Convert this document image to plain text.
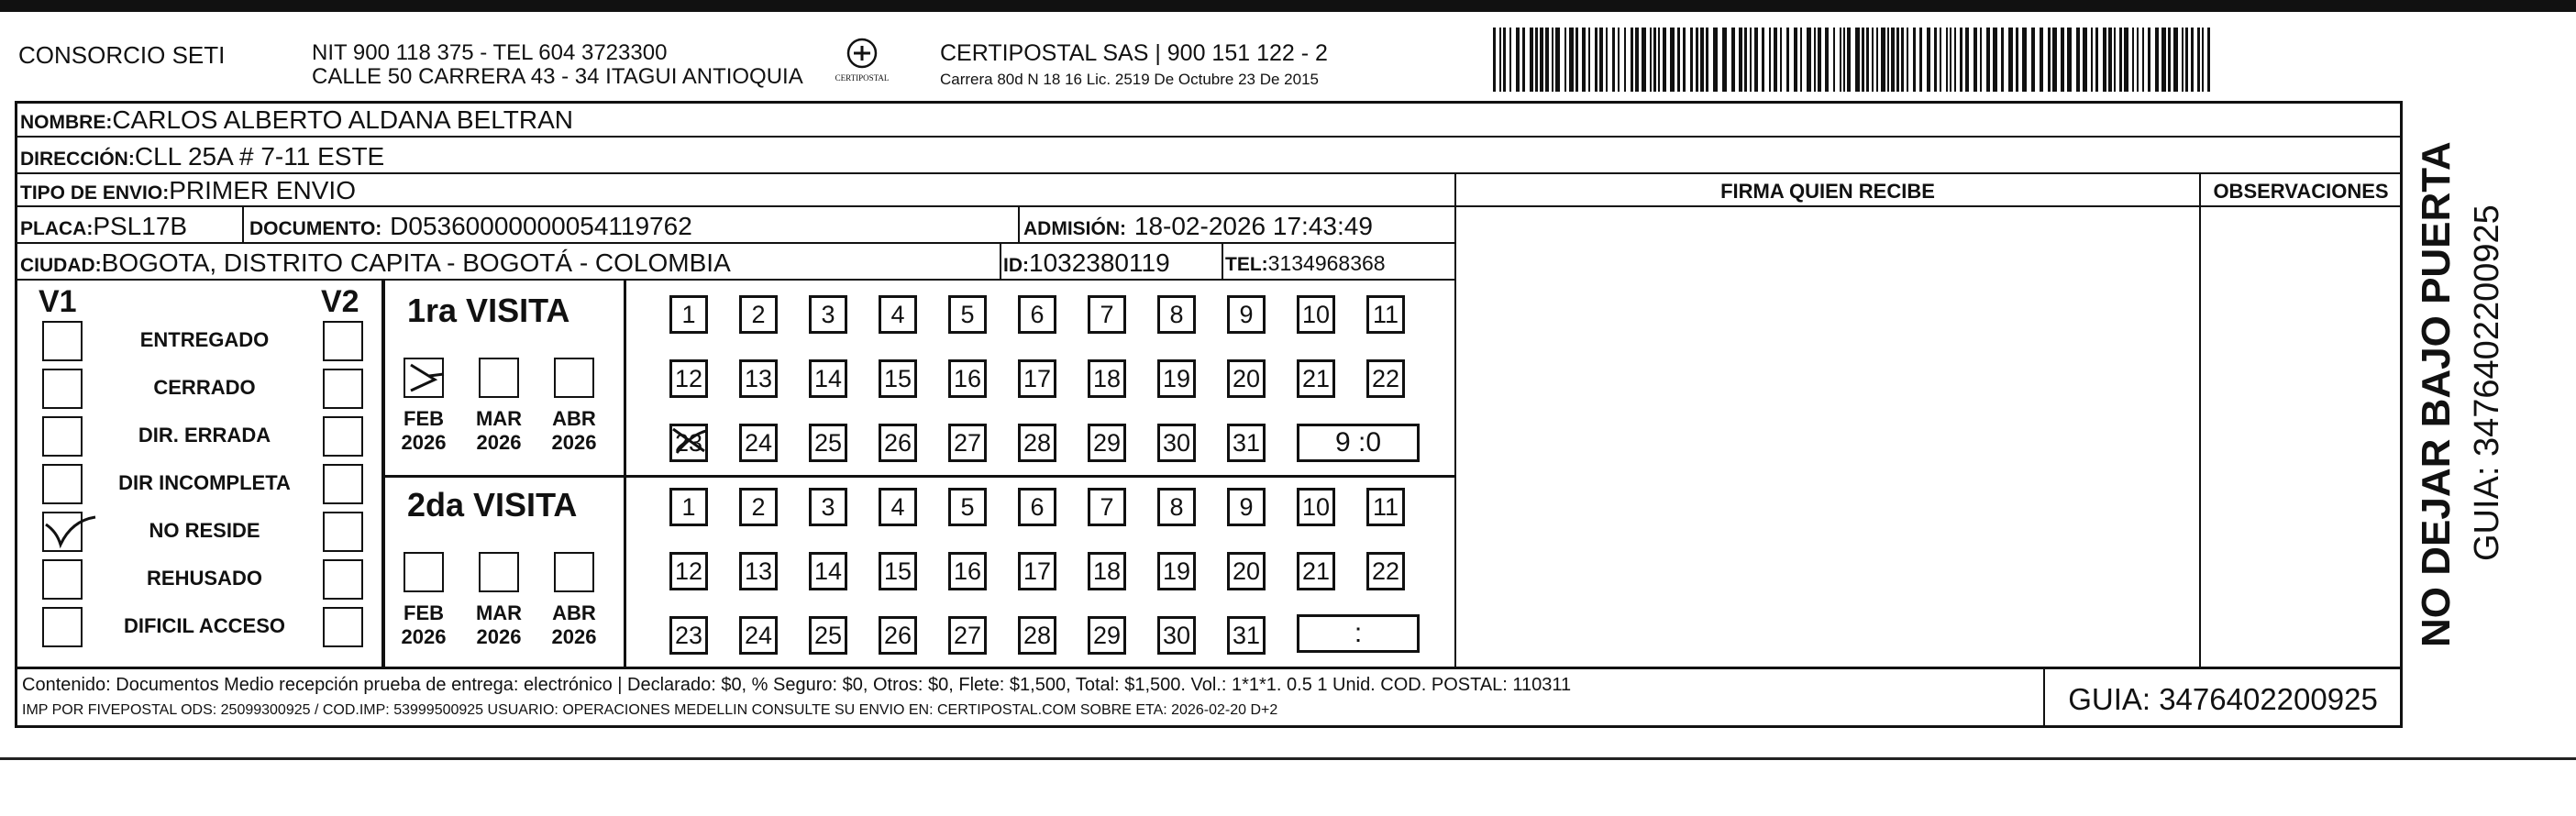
CONSORCIO SETI	NIT 900 118 375 - TEL 604 3723300
CALLE 50 CARRERA 43 - 34 ITAGUI ANTIOQUIA	CERTIPOSTAL
CERTIPOSTAL SAS | 900 151 122 - 2
Carrera 80d N 18 16 Lic. 2519 De Octubre 23 De 2015
NOMBRE:CARLOS ALBERTO ALDANA BELTRAN
DIRECCIÓN:CLL 25A # 7-11 ESTE
TIPO DE ENVIO:PRIMER ENVIO	FIRMA QUIEN RECIBE	OBSERVACIONES
PLACA:PSL17B	DOCUMENTO: D05360000000054119762	ADMISIÓN: 18-02-2026 17:43:49
CIUDAD:BOGOTA, DISTRITO CAPITA - BOGOTÁ - COLOMBIA	ID:1032380119	TEL:3134968368
V1	V2
ENTREGADO
CERRADO
DIR. ERRADA
DIR INCOMPLETA
NO RESIDE
REHUSADO
DIFICIL ACCESO
1ra VISITA
2da VISITA
FEB
2026
MAR
2026
ABR
2026
FEB
2026
MAR
2026
ABR
2026
1	2	3	4	5	6	7	8	9	10 11
12 13 14 15 16 17 18 19 20 21 22
23 24 25 26 27 28 29 30 31
1	2	3	4	5	6	7	8	9	10 11
12 13 14 15 16 17 18 19 20 21 22
23 24 25 26 27 28 29 30 31
9 :0
:
Contenido: Documentos Medio recepción prueba de entrega: electrónico | Declarado: $0, % Seguro: $0, Otros: $0, Flete: $1,500, Total: $1,500. Vol.: 1*1*1. 0.5 1 Unid. COD. POSTAL: 110311
IMP POR FIVEPOSTAL ODS: 25099300925 / COD.IMP: 53999500925 USUARIO: OPERACIONES MEDELLIN CONSULTE SU ENVIO EN: CERTIPOSTAL.COM SOBRE ETA: 2026-02-20 D+2	GUIA: 3476402200925
NO DEJAR BAJO PUERTA GUIA: 3476402200925
